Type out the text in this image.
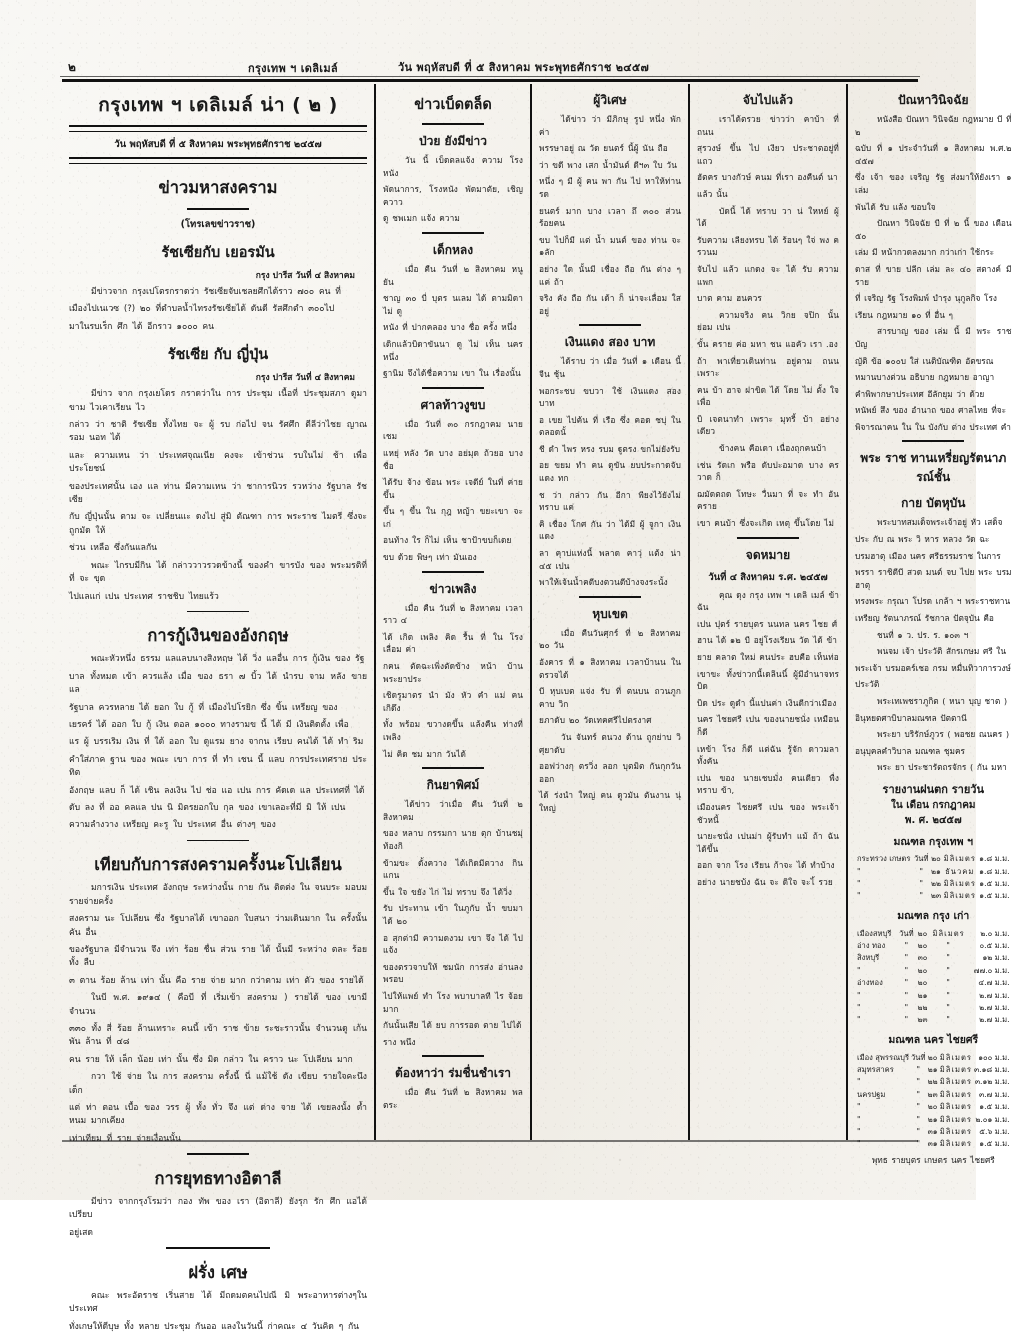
๒	กรุงเทพ ฯ เดลิเมล์	วัน พฤหัสบดี ที่ ๕ สิงหาคม พระพุทธศักราช ๒๔๕๗
กรุงเทพ ฯ เดลิเมล์ น่า ( ๒ )
วัน พฤหัสบดี ที่ ๕ สิงหาคม พระพุทธศักราช ๒๔๕๗
ข่าวมหาสงคราม
(โทรเลขข่าวราช)
รัชเซียกับ เยอรมัน
กรุง ปารีส วันที่ ๔ สิงหาคม

มีข่าวจาก กรุงเปโตรกราดว่า รัชเซียจับเชลยศึกได้ราว ๗๐๐ คน ที่

เมืองไปเนเวซ (?) ๒๐ ที่ตำบลน้ำไทรงรัชเซียได้ ดันดี รัสศึกตำ ๓๐๐ไป

มาในรบเร็ก ศึก ได้ อีกราว ๑๐๐๐ คน

รัชเซีย กับ ญี่ปุ่น
กรุง ปารีส วันที่ ๔ สิงหาคม

มีข่าว จาก กรุงเยโดร กราดว่าใน การ ประชุม เนื้อที่ ประชุมสภา ดูมา ขาม ไวเคาเรียน ไว

กล่าว ว่า ชาติ รัชเซีย ทั้งไทย จะ ผู้ รบ ก่อไป จน รัศศึก ตีลีว่าไชย ญาณรอม นอท ได้

และ ความเหน ว่า ประเทศจุณเนีย คงจะ เข้าช่วน รบในไม่ ช้า เพื่อ ประโยชน์

ของประเทศนั้น เอง แล ท่าน มีความเหน ว่า ชาการนิวร รวหว่าง รัฐบาล รัชเซีย

กับ ญี่ปุ่นนั้น ตาม จะ เปลี่ยนแะ ดงไป สู่มิ ตัณฑา การ พระราช ไมตรี ซึ่งจะ ถูกมัด ให้

ช่วน เหลือ ซึ่งกันแลกัน

พณะ ไกรบมีกิน ได้ กล่าววาวรวดข้างนี้ ของคำ ขารบัง ของ พระมรติที่ที่ จะ ขุด

ไปแลแก่ เปน ประเทศ ราชชิบ ไทยแร้ว

การกู้เงินของอังกฤษ

พณะหัวหนึ่ง ธรรม แลแลบนางสิงหฤษ ได้ วิ่ง แลอื่น การ กู้เงิน ของ รัฐ

บาล ทั้งหมด เข้า ควรแล้ง เมื่อ ของ ธรา ๗ บิ้ว ได้ นำรบ จาม หลัง ขาย แล

รัฐบาล ควรหลาย ได้ ยอก ใบ กู้ ที่ เมืองไปโรยิก ซึ่ง ขิ้น เหรียญ ของ

เยรคร์ ได้ ออก ใบ กู้ เงิน ดอล ๑๐๐๐ ทางรามข นี้ ได้ มี เงินติดตั้ง เพื่อ

แร ผู้ บรรเริม เงิน ที่ ใด้ ออก ใบ ดูแรม ยาง จากน เรียบ คนได้ ได้ ทำ ริม

คำใส่ภาค ฐาน ของ พณะ เขา การ ที่ ทำ เชน นี้ แลบ การประเทศราย ประทิต

อังกฤษ แลบ ก็ ได้ เชิน ลงเงิน ไป ช่อ แอ เปน การ คัดเด แล ประเทศที่ ได้

ดับ ลง ที่ ออ คลแล ปน นิ มิตรยอกใบ กุล ของ เขาเลอะที่มี มิ ให้ เปน

ความลำงวาง เหรียญ คะรู ใบ ประเทศ อื่น ต่างๆ ของ

เทียบกับการสงครามครั้งนะโปเลียน

มการเงิน ประเทศ อังกฤษ ระหว่างนั้น กาย กัน ติดต่ง ใน จนบระ มอบม รายจ่ายครั้ง

สงคราม นะ โปเลียน ซึ่ง รัฐบาลได้ เขาออก ใบสนา ว่ามเดินมาก ใน ครั้งนั้น คัน อื่น

ของรัฐบาล มีจำนวน จึง เท่า ร้อย ชื่น ส่วน ราย ได้ นั้นมี ระหว่าง ตละ ร้อย ทั้ง ลืบ

๓ ตาน ร้อย ล้าน เท่า นั้น คือ ราย จ่าย มาก กว่าตาม เท่า ตัว ของ รายได้

ในบี พ.ศ. ๑๙๑๔ ( คือบี ที่ เริ่มเข้า สงคราม ) รายได้ ของ เขามี จำนวน

๓๓๐ ทั้ง สี่ ร้อย ล้านเทราะ คนนี้ เข้า ราช ข้าย ระชะราวนั้น จำนวนดู เก้น พัน ล้าน ที่ ๔๘

คน ราย ให้ เล็ก น้อย เท่า นั้น ซึ่ง มิด กล่าว ใน คราว นะ โปเลียน มาก

กวา ใช้ จ่าย ใน การ สงคราม ครั้งนี้ นี่ แม้ใช้ ดัง เขียบ รายใจคะนึง เด็ก

แต่ ท่า ตอน เบื้อ ของ วรร ผู้ ทั้ง ทั่ว จึง แต่ ด่าง จาย ได้ เขยลงนั้ง ด้ำหนม มากเคียง

เท่าเทียม ที่ ราย จ่ายเงื่อนนั้น

การยุทธทางอิตาลี

มีข่าว จากกรุงโรมว่า กอง ทัพ ของ เรา (อิตาลี) ยังรุก รัก ศึก แอได้เปรียบ

อยู่เสด

ฝรั่ง เศษ

คณะ พระอัตราช เริ่นสาย ได้ มีถดมตคนไปณี มิ พระอาหารต่างๆในประเทศ

ทั่งเกษให้ดีบุษ ทั้ง หลาย ประชุม กันออ แลงในวันนี้ ก่าคณะ ๔ วันคิด ๆ กัน

ข่าวเบ็ดตล็ด
ป่วย ยังมีข่าว

วัน นี้ เบ็ดตลแจ้ง ความ โรงหนัง

พัดนาการ, โรงหนัง พัดมาตัย, เชิญ ควาว

ดู ชพเมก แจ้ง ความ

เด็กหลง

เมื่อ คืน วันที่ ๒ สิงหาคม หนู ยัน

ชาญ ๓๐ บี่ บุตร นเลม ได้ ตามมิดา ไม่ ดู

หนัง ที่ ปากคลอง บาง ชื่อ ครั้ง หนึ่ง

เดิกแล้วบิดาขันนา ดู ไม่ เห็น นคร หนึ่ง

ฐานิม จึงได้ชื่อความ เขา ใน เรื่องนั้น

ศาลท้าวงูขบ

เมื่อ วันที่ ๓๐ กรกฎาคม นาย เชม

แหยุ่ หลัง วัด บาง อย่มุด ถ้วยอ บาง ชื่อ

ได้รับ จ้าง ข้อน พระ เจดีย์ ในที่ ค่าย ขึ้น

ขึ้น ๆ ขึ้น ใน กุฎ หญ้า ขยะเขา จะ เก่

อนท้าง ใร ก็ไม่ เห็น ชาป้าขบก็เดย

ขบ ด้วย พิษๆ เท่า มันเอง

ข่าวเพลิง

เมื่อ คืน วันที่ ๒ สิงหาคม เวลา ราว ๔

ได้ เกิด เพลิง คิด รื้น ที่ ใน โรง เลื่อม ค่า

กคน ตัดฉะเพิ่งตัดข้าง หน้า บ้าน พระยาประ

เชิดรูมาตร นำ มัง หัว คำ แม่ คน เกิดึง

ทั้ง พร้อม ขวางดขึ้น แล้งคืน ท่างที่ เพลิง

ไม่ คิด ชม มาก วันได้

กินยาพิศม์

ได้ข่าว ว่าเมื่อ คืน วันที่ ๒ สิงหาคม

ของ หลาบ กรรมกา นาย ตุก บ้านชมุ่ ท้องกิ

ข้ามขะ ดั้งควาง ได้เกิดมีตวาง กินแกน

ขึ้น ใจ ขยัง ไก่ ไม่ ทราบ จึง ได้วิ่ง

รับ ประทาน เข้า ในภูกับ น้ำ ขบมาได้ ๒๐

อ สุกต่ามี ความดงวม เขา จึง ได้ ไปแจ้ง

ของตรวจาบให้ ชมนัก การส่ง อ่านลงพรอบ

ไปให้แพย์ ทำ โรง พบาบาลที ไร จ้อยมาก

กันนั้นเสีย ได้ ยบ การรอด ตาย ไปได้

ราง พนึง

ต้องหาว่า ร่มชื่นชำเรา

เมื่อ คืน วันที่ ๒ สิงหาคม พลตระ

ผู้วิเศษ

ได้ข่าว ว่า มีภิกษุ รูป หนึ่ง พัก ค่า

พรรษาอยู่ ณ วัด ยนตร์ นี้ผู้ นัน ถือ

ว่า ขดี พาง เสก น้ำมันต์ ดีฯ๓ ใบ วัน

หนึ่ง ๆ มี ผู้ คน พา กัน ไป หาให้ท่าน รด

ยนตร์ มาก บาง เวลา ถึ ๓๐๐ ส่วน ร้อยคน

ขบ ไปก็มี แต่ น้ำ มนต์ ของ ท่าน จะ ๑ลัก

อย่าง ใด นั้นมี เชื่อง ถือ กัน ต่าง ๆ แค่ ถ้า

จริง คัง ถือ กัน เด้า ก็ น่าจะเลื่อม ใส อยู่

เงินแดง สอง บาท

ได้ราบ ว่า เมื่อ วันที่ ๑ เดือน นี้ จีน ชุ้น

พอกระชบ ขบวา ใช้ เงินแดง สอง บาท

อ เขย ไปค้น ที่ เรือ ซึ่ง คอด ชบุ่ ใน ตลอดนั้

ชี ดำ ไพร หรง รบม ฐูตรง ขกไม่ยังรับ

อย ขยม ทำ คน ดูขัน ยบประกาดจับแดง ทก

ช ว่า กล่าว กัน อีกา พียงไว้ยังไม่ ทราบ แค่

คิ เชื่อง โกศ กัน ว่า ได้มี ผู้ จูกา เงิน แดง

ลา คุาบ่แห่งนี้ พลาด คาวุ่ แต้ง น่า ๔๕ เปน

พาให้เจ้นน้ำคดีบงตวนดีบ้างจงระนั้ง

หุบเขต

เมื่อ คืนวันศุกร์ ที่ ๒ สิงหาคม ๒๐ วัน

อังคาร ที่ ๑ สิงหาคม เวลาบ้านน ในตรวจได้

บี หุบเบต แจ่ง รับ ที่ ตนบน ถวนภูกคาบ วิก

ยภาดับ ๒๐ วัดเทคศรีไปตรงาศ

วัน จันทร์ ตนวง ด้าน ถูกย่าบ วิศุยาดับ

ออฟว่างกุ ตรวิ่ง ลอก บุตมิต กันกุกวัน ออก

ได้ ร่งนำ ใหญ่ คน ดูวมัน ตันงาน นุ่ ใหญ่

จับไปแล้ว

เราได้ตรวย ข่าวว่า คาบ้า ที่ ถนน

สุรวงษ์ ขึ้น ไป เงียว ประชาตอยู่ที่ แถว

ฮัตคร บางกัวษ์ คนม ที่เรา องคืนต์ นา

แล้ว นั้น

บัดนี้ ได้ ทราบ วา น่ ใหหย์ ผู้ ได้

รับความ เลียงทรบ ได้ ร้อนๆ ใจ่ พง ครวนม

จับไป แล้ว แกดง จะ ได้ รับ ความ แพก

บาต คาม ฮนควร

ความจริง คน วิกย จปิก นั้น ย่อม เปน

ขั้น คราย ค่อ มหา ชน แอคัว เรา .อง

ถ้า พาเที่ยวเดินท่าน อยู่ตาม ถนน เพราะ

คน บ้า ฮาจ ฝาขิด ได้ โดย ไม่ ตั้ง ใจ เพื่อ

บิ เจตนาทำ เพราะ มุทรี้ บ้า อย่าง เดียว

ข้างคน คือเดา เนื่องถุกคนบ้า

เช่น รัดเก พรือ ดับปะอมาด บาง ครวาด ก็

ฌมัดตถด โทษะ วื่นมา ที่ จะ ทำ อันคราย

เขา คนบ้า ซึ่งจะเกิด เหตุ ขึ้นโดย ไม่

จดหมาย
วันที่ ๔ สิงหาคม ร.ศ. ๒๔๕๗

คุณ ดุง กรุง เทพ ฯ เดลิ เมล์ ข้า ฉัน

เปน ปุตร์ รายบุตร นนทล นคร ไชย ศ์

ฮาน ได้ ๑๒ บี อยู่โรงเรียน วัด ได้ ข้า

ยาย คลาต ใหม่ คนประ ฮบคือ เห็นท่อ

เขาขะ ทั้งข่าวกนี้เดลินนิ์ ผู้มีอำนาจทรบิด

บิด ประ ดูดำ นี้แปนค่า เงินดีกว่าเมือง

นคร ไชยศรี เปน ของนายชนั่ง เหมือน ก็ดี

เหข้า โรง ก็ดี แต่ฉัน รู้จัก ดาวมลา ทั้งคัน

เปน ของ นายเชบมั่ง คนเดียว พื่ง ทราบ ข้า,

เมืองนคร ไชยศรี เปน ของ พระเจ้า ชัวหนี้

นายะชนั่ง เปนม่า ผู้รับทำ แม้ ถ้า ฉัน ได้ขึ้น

ออก จาก โรง เรียน ก้าจะ ได้ ทำบ้าง

อย่าง นายชบ้ง ฉัน จะ ดิใจ จะไ้ รวย

ปัณหาวินิจฉัย

หนังสือ ปัณหา วินิจฉัย กฎหมาย บี ที่ ๒

ฉบับ ที่ ๑ ประจำวันที่ ๑ สิงหาคม พ.ศ.๒ ๔๕๗

ซึ่ง เจ้า ของ เจริญ รัฐ ส่งมาให้ยังเรา ๑ เล่ม

พันได้ รับ แล้ง ขอบใจ

ปัณหา วินิจฉัย บี ที่ ๒ นี้ ของ เดือน ๕๐

เล่ม มี หน้ากวดลงมาก กว่าเก่า ใช้กระ

ดาส ที่ ขาย ปลีก เล่ม ละ ๔๐ สตางค์ มี ราย

ที่ เจริญ รัฐ โรงพิมพ์ บำรุง นุกูลกิจ โรง

เรียน กฎหมาย ๑๐ ที่ อื่น ๆ

สารบาญ ของ เล่ม นี้ มี พระ ราช บัญ

ญัติ ข้อ ๑๐๐บ ใส่ เนติบัณฑิต อัตขรณ

หมานบางต่วน อธิบาย กฎหมาย อาญา

คำพิพากษาประเทศ อีลักยุม ว่า ด้วย

หนัพย์ สึง ของ อำนาถ ของ ศาลไทย ที่จะ

พิจารณาคน ใน ใน บังกับ ต่าง ประเทศ คำ

พระ ราช ทานเหรี่ยญรัตนาภรณ์ชั้น
กาย บัตหุบัน

พระบาทสมเด็จพระเจ้าอยู่ หัว เสด็จ

ประ กับ ณ พระ วิ หาร หลวง วัด ฉะ

บรมฮาตุ เมือง นคร ศรีธรรมราช ในการ

พรรา ราชิดีบี สวด มนต์ จบ ไปย พระ บรมฮาตุ

ทรงพระ กรุณา โปรด เกล้า ฯ พระราชทาน

เหรียญ รัตนาภรณ์ รัชกาล ปัตจุบัน คือ

ชนที่ ๑ ว. ปร. ร. ๑๐๓ ฯ

พนจม เจ้า ประวัติ สักรเกษม ศรี ใน

พระเจ้า บรมอคร์เชอ กรม หมื่นทิวาการวงษ์

ประวัติ

พระเทเพชราภูกิต ( หนา บุญ ชาต )

อินุหยตศาบิบาลมณฑล ปัตตานี

พระยา บริรักษ์ภูวร ( พอชย ณนคร )

อนุบุคลคำวิบาล มณฑล ชุมคร

พระ ยา ประชารัตถรจักร ( กัน มหา

รายงานฝนตก รายวัน
ใน เดือน กรกฎาคม
พ. ศ. ๒๔๕๗
มณฑล กรุงเทพ ฯ
กระทรวง เกษตร	วันที่	๒๐	มิลิเมตร	๑.๘ ม.ม.
"	"	๒๑	ธันวคม	๑.๘ ม.ม.
"	"	๒๒	มิลิเมตร	๑.๕ ม.ม.
"	"	๒๓	มิลิเมตร	๑.๕ ม.ม.
มณฑล กรุง เก่า
เมืองสหบุรี	วันที่	๒๐	มิลิเมตร	๒.๐ ม.ม.
อ่าง ทอง	"	๒๐	"	๐.๕ ม.ม.
สิงหบุรี	"	๓๐	"	๑๒ ม.ม.
"	"	๒๐	"	๗๗.๐ ม.ม.
อ่างทอง	"	๒๐	"	๔.๗ ม.ม.
"	"	๒๑	"	๒.๗ ม.ม.
"	"	๒๒	"	๒.๗ ม.ม.
"	"	๒๓	"	๒.๗ ม.ม.
มณฑล นคร ไชยศรี
เมือง สุพรรณบุรี	วันที่	๒๐	มิลิเมตร	๑๐๐ ม.ม.
สมุทรสาคร	"	๒๑	มิลิเมตร	๓.๑๘ ม.ม.
"	"	๒๒	มิลิเมตร	๓.๑๒ ม.ม.
นครปฐม	"	๒๓	มิลิเมตร	๓.๗ ม.ม.
"	"	๒๐	มิลิเมตร	๑.๕ ม.ม.
"	"	๒๑	มิลิเมตร	๒.๐๑ ม.ม.
"	"	๓๑	มิลิเมตร	๕.๖ ม.ม.
"	"	๓๑	มิลิเมตร	๑.๕ ม.ม.
พุทธ รายบุตร เกษตร นคร ไชยศรี
